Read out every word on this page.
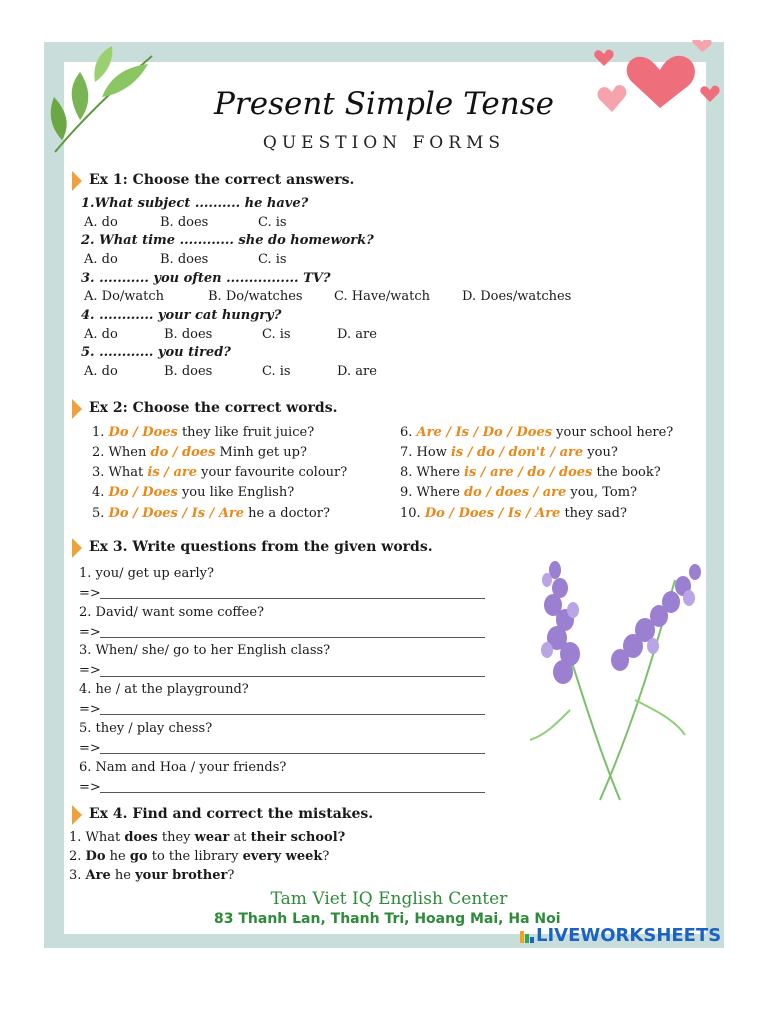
Present Simple Tense
QUESTION FORMS
Ex 1: Choose the correct answers.
1.What subject .......... he have?
A. do	B. does	C. is
2. What time ............ she do homework?
A. do	B. does	C. is
3. ........... you often ................ TV?
A. Do/watch	B. Do/watches C. Have/watch D. Does/watches
4. ............ your cat hungry?
A. do	B. does	C. is	D. are
5. ............ you tired?
A. do	B. does	C. is	D. are
Ex 2: Choose the correct words.
1. Do / Does they like fruit juice?
2. When do / does Minh get up?
3. What is / are your favourite colour?
4. Do / Does you like English?
5. Do / Does / Is / Are he a doctor?
6. Are / Is / Do / Does your school here?
7. How is / do / don't / are you?
8. Where is / are / do / does the book?
9. Where do / does / are you, Tom?
10. Do / Does / Is / Are they sad?
Ex 3. Write questions from the given words.
1. you/ get up early?
=>
2. David/ want some coffee?
=>
3. When/ she/ go to her English class?
=>
4. he / at the playground?
=>
5. they / play chess?
=>
6. Nam and Hoa / your friends?
=>
Ex 4. Find and correct the mistakes.
1. What does they wear at their school?
2. Do he go to the library every week?
3. Are he your brother?
Tam Viet IQ English Center
83 Thanh Lan, Thanh Tri, Hoang Mai, Ha Noi
LIVEWORKSHEETS
